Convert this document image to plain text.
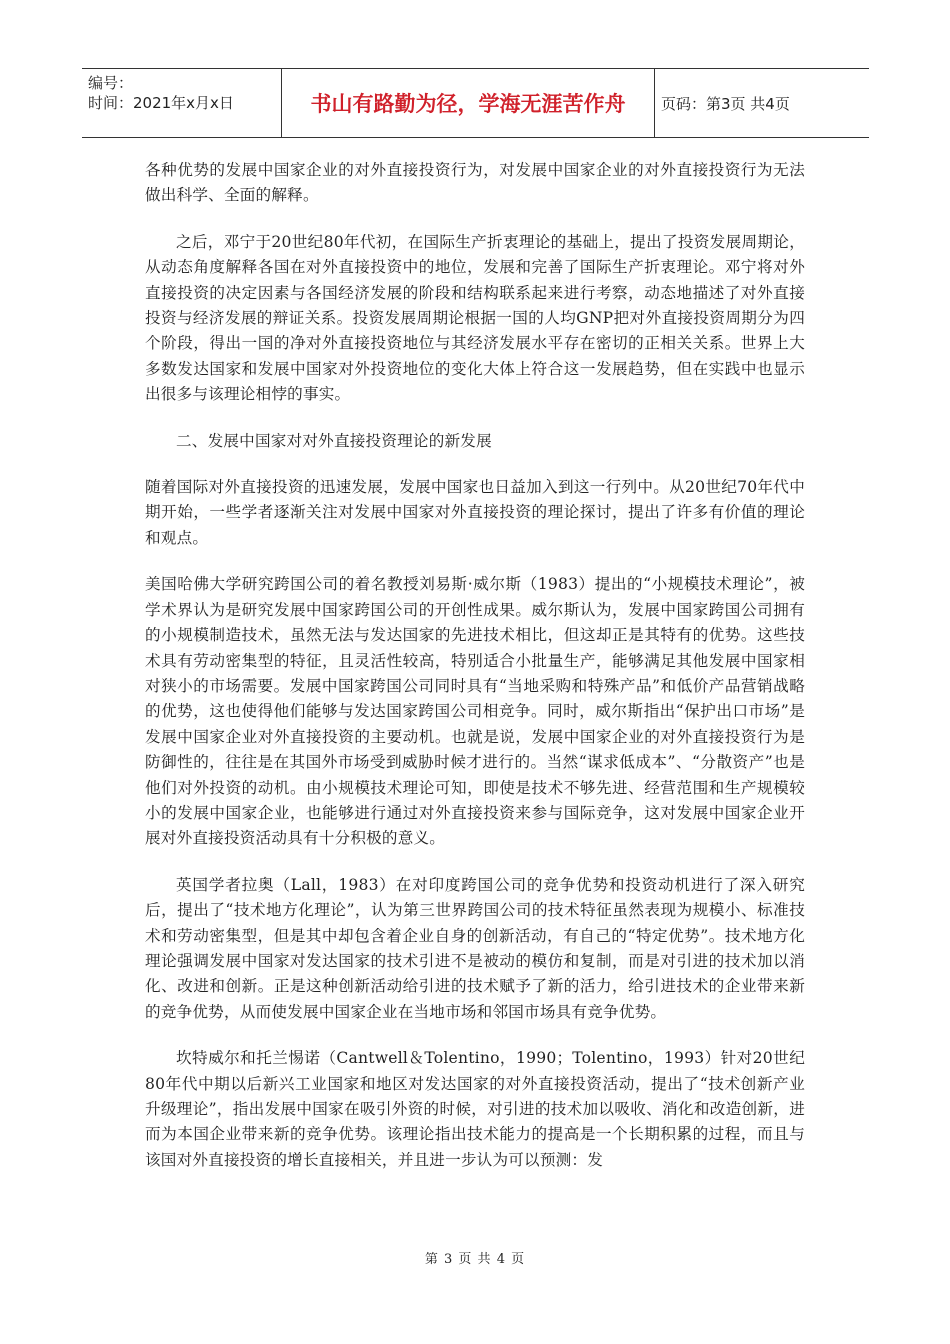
编号：
时间：2021年x月x日	书山有路勤为径，学海无涯苦作舟	页码：第3页 共4页

各种优势的发展中国家企业的对外直接投资行为，对发展中国家企业的对外直接投资行为无法做出科学、全面的解释。

之后，邓宁于20世纪80年代初，在国际生产折衷理论的基础上，提出了投资发展周期论，从动态角度解释各国在对外直接投资中的地位，发展和完善了国际生产折衷理论。邓宁将对外直接投资的决定因素与各国经济发展的阶段和结构联系起来进行考察，动态地描述了对外直接投资与经济发展的辩证关系。投资发展周期论根据一国的人均GNP把对外直接投资周期分为四个阶段，得出一国的净对外直接投资地位与其经济发展水平存在密切的正相关关系。世界上大多数发达国家和发展中国家对外投资地位的变化大体上符合这一发展趋势，但在实践中也显示出很多与该理论相悖的事实。

二、发展中国家对对外直接投资理论的新发展

随着国际对外直接投资的迅速发展，发展中国家也日益加入到这一行列中。从20世纪70年代中期开始，一些学者逐渐关注对发展中国家对外直接投资的理论探讨，提出了许多有价值的理论和观点。

美国哈佛大学研究跨国公司的着名教授刘易斯·威尔斯（1983）提出的“小规模技术理论”，被学术界认为是研究发展中国家跨国公司的开创性成果。威尔斯认为，发展中国家跨国公司拥有的小规模制造技术，虽然无法与发达国家的先进技术相比，但这却正是其特有的优势。这些技术具有劳动密集型的特征，且灵活性较高，特别适合小批量生产，能够满足其他发展中国家相对狭小的市场需要。发展中国家跨国公司同时具有“当地采购和特殊产品”和低价产品营销战略的优势，这也使得他们能够与发达国家跨国公司相竞争。同时，威尔斯指出“保护出口市场”是发展中国家企业对外直接投资的主要动机。也就是说，发展中国家企业的对外直接投资行为是防御性的，往往是在其国外市场受到威胁时候才进行的。当然“谋求低成本”、“分散资产”也是他们对外投资的动机。由小规模技术理论可知，即使是技术不够先进、经营范围和生产规模较小的发展中国家企业，也能够进行通过对外直接投资来参与国际竞争，这对发展中国家企业开展对外直接投资活动具有十分积极的意义。

英国学者拉奥（Lall，1983）在对印度跨国公司的竞争优势和投资动机进行了深入研究后，提出了“技术地方化理论”，认为第三世界跨国公司的技术特征虽然表现为规模小、标准技术和劳动密集型，但是其中却包含着企业自身的创新活动，有自己的“特定优势”。技术地方化理论强调发展中国家对发达国家的技术引进不是被动的模仿和复制，而是对引进的技术加以消化、改进和创新。正是这种创新活动给引进的技术赋予了新的活力，给引进技术的企业带来新的竞争优势，从而使发展中国家企业在当地市场和邻国市场具有竞争优势。

坎特威尔和托兰惕诺（Cantwell＆Tolentino，1990；Tolentino，1993）针对20世纪80年代中期以后新兴工业国家和地区对发达国家的对外直接投资活动，提出了“技术创新产业升级理论”，指出发展中国家在吸引外资的时候，对引进的技术加以吸收、消化和改造创新，进而为本国企业带来新的竞争优势。该理论指出技术能力的提高是一个长期积累的过程，而且与该国对外直接投资的增长直接相关，并且进一步认为可以预测：发

第 3 页 共 4 页
